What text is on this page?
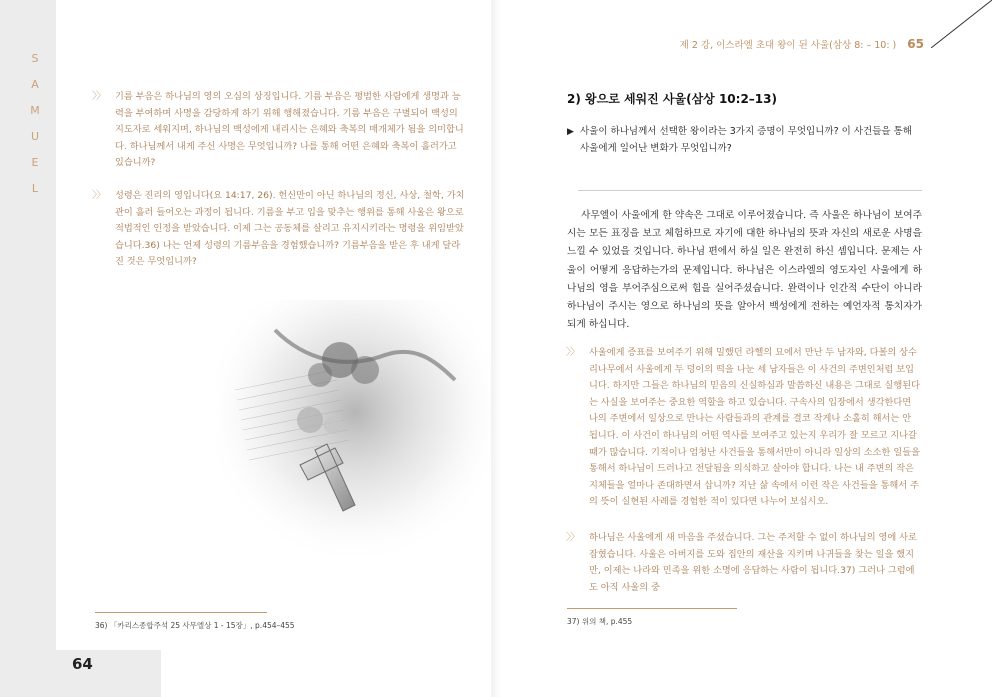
S
A
M
U
E
L
64
〉〉 기름 부음은 하나님의 영의 오심의 상징입니다. 기름 부음은 평범한 사람에게 생명과 능력을 부여하며 사명을 감당하게 하기 위해 행해졌습니다. 기름 부음은 구별되어 백성의 지도자로 세워지며, 하나님의 백성에게 내리시는 은혜와 축복의 매개체가 됨을 의미합니다. 하나님께서 내게 주신 사명은 무엇입니까? 나를 통해 어떤 은혜와 축복이 흘러가고 있습니까?
〉〉 성령은 진리의 영입니다(요 14:17, 26). 헌신만이 아닌 하나님의 정신, 사상, 철학, 가치관이 흘러 들어오는 과정이 됩니다. 기름을 부고 입을 맞추는 행위를 통해 사울은 왕으로 적법적인 인정을 받았습니다. 이제 그는 공동체를 살리고 유지시키라는 명령을 위임받았습니다.36) 나는 언제 성령의 기름부음을 경험했습니까? 기름부음을 받은 후 내게 달라진 것은 무엇입니까?
36) 「카리스종합주석 25 사무엘상 1 - 15장」, p.454–455
제 2 강, 이스라엘 초대 왕이 된 사울(삼상 8: – 10: ) 65
2) 왕으로 세워진 사울(삼상 10:2–13)
▶ 사울이 하나님께서 선택한 왕이라는 3가지 증명이 무엇입니까? 이 사건들을 통해 사울에게 일어난 변화가 무엇입니까?
사무엘이 사울에게 한 약속은 그대로 이루어졌습니다. 즉 사울은 하나님이 보여주시는 모든 표징을 보고 체험하므로 자기에 대한 하나님의 뜻과 자신의 새로운 사명을 느낄 수 있었을 것입니다. 하나님 편에서 하실 일은 완전히 하신 셈입니다. 문제는 사울이 어떻게 응답하는가의 문제입니다. 하나님은 이스라엘의 영도자인 사울에게 하나님의 영을 부어주심으로써 힘을 실어주셨습니다. 완력이나 인간적 수단이 아니라 하나님이 주시는 영으로 하나님의 뜻을 알아서 백성에게 전하는 예언자적 통치자가 되게 하십니다.
〉〉 사울에게 증표를 보여주기 위해 밀했던 라헬의 묘에서 만난 두 남자와, 다볼의 상수리나무에서 사울에게 두 덩이의 떡을 나눈 세 남자들은 이 사건의 주변인처럼 보입니다. 하지만 그들은 하나님의 믿음의 신실하심과 말씀하신 내용은 그대로 실행된다는 사실을 보여주는 중요한 역할을 하고 있습니다. 구속사의 입장에서 생각한다면 나의 주변에서 일상으로 만나는 사람들과의 관계를 결코 작게나 소홀히 해서는 안 됩니다. 이 사건이 하나님의 어떤 역사를 보여주고 있는지 우리가 잘 모르고 지나갈 때가 많습니다. 기적이나 엄청난 사건들을 통해서만이 아니라 일상의 소소한 일들을 통해서 하나님이 드러나고 전달됨을 의식하고 살아야 합니다. 나는 내 주변의 작은 지체들을 얼마나 존대하면서 삽니까? 지난 삶 속에서 이런 작은 사건들을 통해서 주의 뜻이 실현된 사례를 경험한 적이 있다면 나누어 보십시오.
〉〉 하나님은 사울에게 새 마음을 주셨습니다. 그는 주저할 수 없이 하나님의 영에 사로잡혔습니다. 사울은 아버지를 도와 집안의 재산을 지키며 나귀들을 찾는 일을 했지만, 이제는 나라와 민족을 위한 소명에 응답하는 사람이 됩니다.37) 그러나 그럼에도 아직 사울의 중
37) 위의 책, p.455
